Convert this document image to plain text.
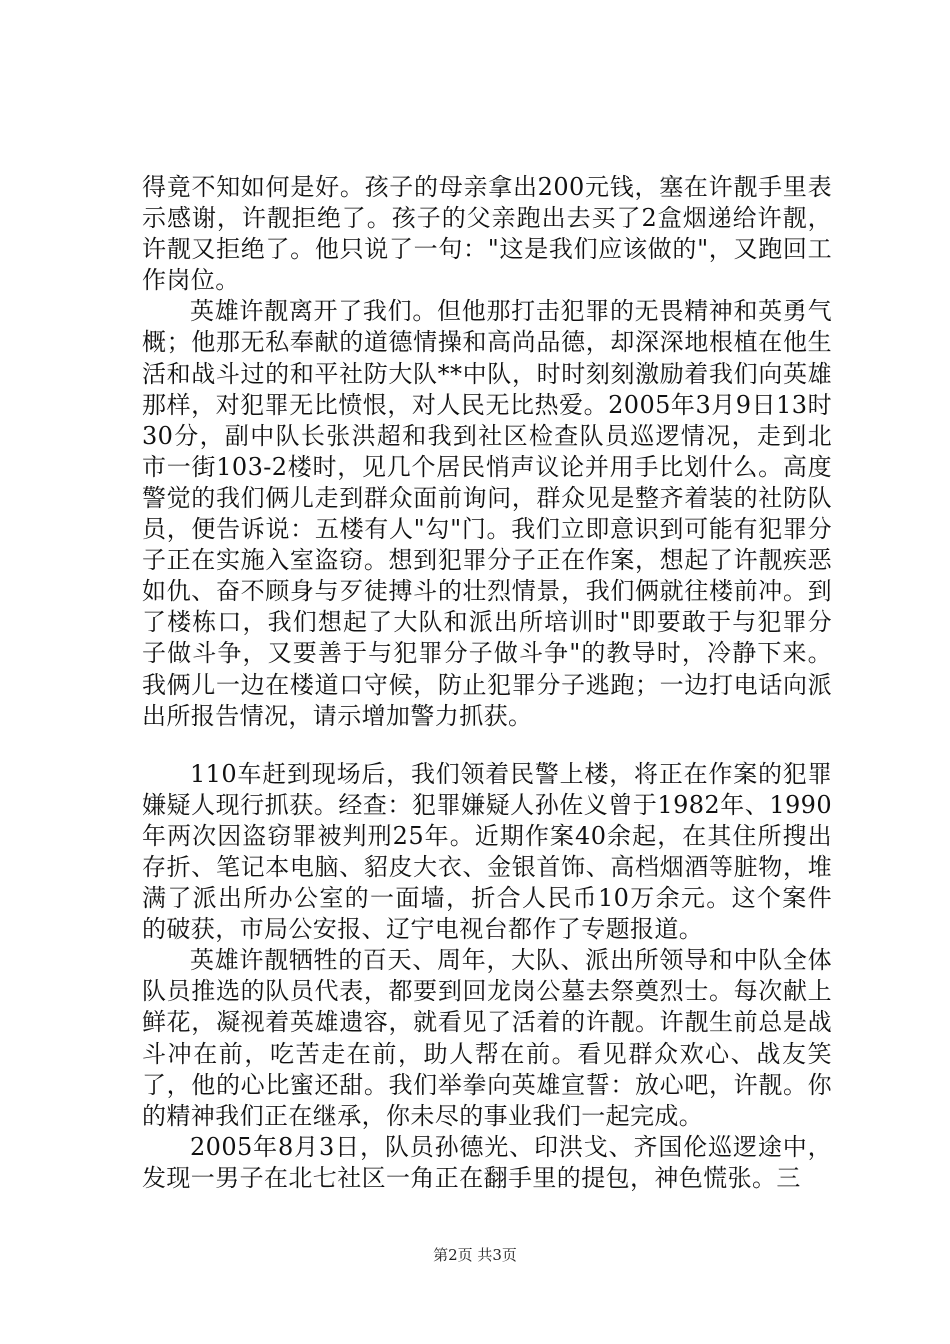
得竟不知如何是好。孩子的母亲拿出200元钱，塞在许靓手里表示感谢，许靓拒绝了。孩子的父亲跑出去买了2盒烟递给许靓，许靓又拒绝了。他只说了一句："这是我们应该做的"，又跑回工作岗位。

英雄许靓离开了我们。但他那打击犯罪的无畏精神和英勇气概；他那无私奉献的道德情操和高尚品德，却深深地根植在他生活和战斗过的和平社防大队**中队，时时刻刻激励着我们向英雄那样，对犯罪无比愤恨，对人民无比热爱。2005年3月9日13时30分，副中队长张洪超和我到社区检查队员巡逻情况，走到北市一街103-2楼时，见几个居民悄声议论并用手比划什么。高度警觉的我们俩儿走到群众面前询问，群众见是整齐着装的社防队员，便告诉说：五楼有人"勾"门。我们立即意识到可能有犯罪分子正在实施入室盗窃。想到犯罪分子正在作案，想起了许靓疾恶如仇、奋不顾身与歹徒搏斗的壮烈情景，我们俩就往楼前冲。到了楼栋口，我们想起了大队和派出所培训时"即要敢于与犯罪分子做斗争，又要善于与犯罪分子做斗争"的教导时，冷静下来。我俩儿一边在楼道口守候，防止犯罪分子逃跑；一边打电话向派出所报告情况，请示增加警力抓获。

110车赶到现场后，我们领着民警上楼，将正在作案的犯罪嫌疑人现行抓获。经查：犯罪嫌疑人孙佐义曾于1982年、1990年两次因盗窃罪被判刑25年。近期作案40余起，在其住所搜出存折、笔记本电脑、貂皮大衣、金银首饰、高档烟酒等脏物，堆满了派出所办公室的一面墙，折合人民币10万余元。这个案件的破获，市局公安报、辽宁电视台都作了专题报道。

英雄许靓牺牲的百天、周年，大队、派出所领导和中队全体队员推选的队员代表，都要到回龙岗公墓去祭奠烈士。每次献上鲜花，凝视着英雄遗容，就看见了活着的许靓。许靓生前总是战斗冲在前，吃苦走在前，助人帮在前。看见群众欢心、战友笑了，他的心比蜜还甜。我们举拳向英雄宣誓：放心吧，许靓。你的精神我们正在继承，你未尽的事业我们一起完成。

2005年8月3日，队员孙德光、印洪戈、齐国伦巡逻途中，发现一男子在北七社区一角正在翻手里的提包，神色慌张。三

第2页 共3页
